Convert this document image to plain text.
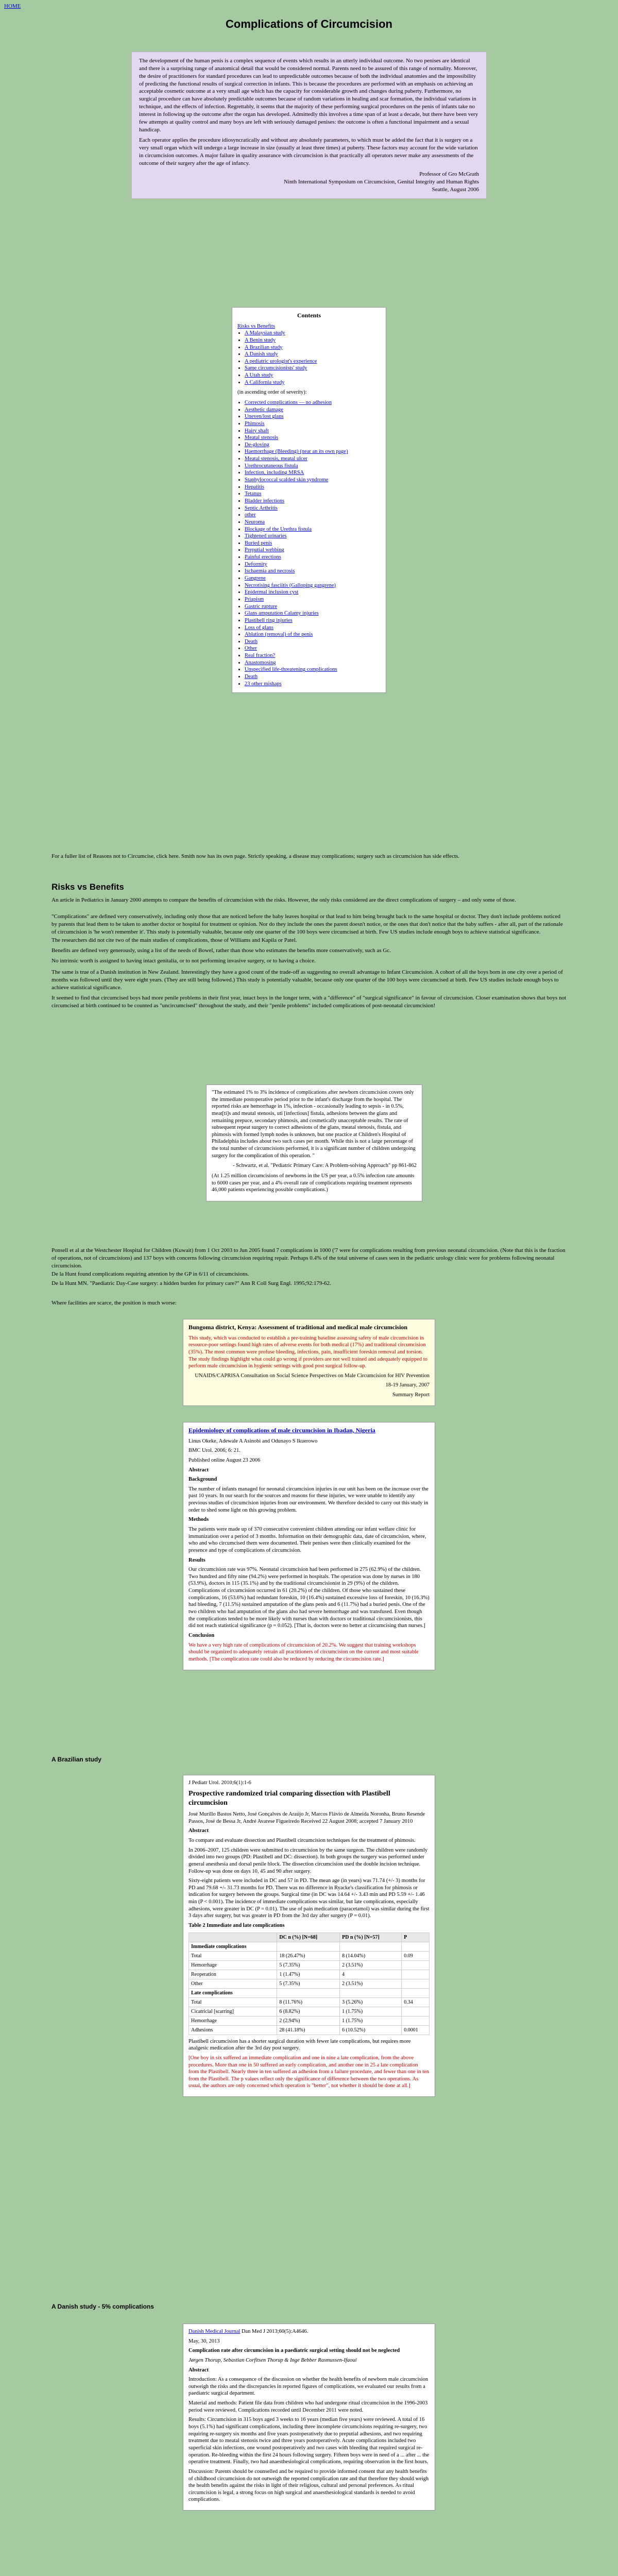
HOME
Complications of Circumcision

The development of the human penis is a complex sequence of events which results in an utterly individual outcome. No two penises are identical and there is a surprising range of anatomical detail that would be considered normal. Parents need to be assured of this range of normality. Moreover, the desire of practitioners for standard procedures can lead to unpredictable outcomes because of both the individual anatomies and the impossibility of predicting the functional results of surgical correction in infants. This is because the procedures are performed with an emphasis on achieving an acceptable cosmetic outcome at a very small age which has the capacity for considerable growth and changes during puberty. Furthermore, no surgical procedure can have absolutely predictable outcomes because of random variations in healing and scar formation, the individual variations in technique, and the effects of infection. Regrettably, it seems that the majority of these performing surgical procedures on the penis of infants take no interest in following up the outcome after the organ has developed. Admittedly this involves a time span of at least a decade, but there have been very few attempts at quality control and many boys are left with seriously damaged penises: the outcome is often a functional impairment and a sexual handicap.

Each operator applies the procedure idiosyncratically and without any absolutely parameters, to which must be added the fact that it is surgery on a very small organ which will undergo a large increase in size (usually at least three times) at puberty. These factors may account for the wide variation in circumcision outcomes. A major failure in quality assurance with circumcision is that practically all operators never make any assessments of the outcome of their surgery after the age of infancy.

Professor of Gro McGrath

Ninth International Symposium on Circumcision, Genital Integrity and Human Rights

Seattle, August 2006

Contents
Risks vs Benefits
• A Malaysian study
• A Benin study
• A Brazilian study
• A Danish study
• A pediatric urologist's experience
• Same circumcisionists' study
• A Utah study
• A California study
(in ascending order of severity):
• Corrected complications — no adhesion
• Aesthetic damage
• Uneven/lost glans
• Phimosis
• Hairy shaft
• Meatal stenosis
• De-gloving
• Haemorrhage (Bleeding) (near an its own page)
• Meatal stenosis, meatal ulcer
• Urethrocutaneous fistula
• Infection, including MRSA
• Staphylococcal scalded skin syndrome
• Hepatitis
• Tetanus
• Bladder infections
• Septic Arthritis
• other
• Neuroma
• Blockage of the Urethra fistula
• Tightened urinaries
• Buried penis
• Preputial webbing
• Painful erections
• Deformity
• Ischaemia and necrosis
• Gangrene
• Necrotising fasciitis (Galloping gangrene)
• Epidermal inclusion cyst
• Priapism
• Gastric rupture
• Glans amputation Calamy injuries
• Plastibell ring injuries
• Loss of glans
• Ablation (removal) of the penis
• Death
• Other
• Real fraction?
• Anastomosing
• Unspecified life-threatening complications
• Death
• 23 other mishaps
For a fuller list of Reasons not to Circumcise, click here. Smith now has its own page. Strictly speaking, a disease may complications; surgery such as circumcision has side effects.
Risks vs Benefits

An article in Pediatrics in January 2000 attempts to compare the benefits of circumcision with the risks. However, the only risks considered are the direct complications of surgery – and only some of those.

"Complications" are defined very conservatively, including only those that are noticed before the baby leaves hospital or that lead to him being brought back to the same hospital or doctor. They don't include problems noticed by parents that lead them to be taken to another doctor or hospital for treatment or opinion. Nor do they include the ones the parent doesn't notice, or the ones that don't notice that the baby suffers - after all, part of the rationale of circumcision is 'he won't remember it'. This study is potentially valuable, because only one quarter of the 100 boys were circumcised at birth. Few US studies include enough boys to achieve statistical significance.

The researchers did not cite two of the main studies of complications, those of Williams and Kapila or Patel.

Benefits are defined very generously, using a list of the needs of Bowel, rather than those who estimates the benefits more conservatively, such as Gc.

No intrinsic worth is assigned to having intact genitalia, or to not performing invasive surgery, or to having a choice.

The same is true of a Danish institution in New Zealand. Interestingly they have a good count of the trade-off as suggesting no overall advantage to Infant Circumcision. A cohort of all the boys born in one city over a period of months was followed until they were eight years. (They are still being followed.) This study is potentially valuable, because only one quarter of the 100 boys were circumcised at birth. Few US studies include enough boys to achieve statistical significance.

It seemed to find that circumcised boys had more penile problems in their first year, intact boys in the longer term, with a "difference" of "surgical significance" in favour of circumcision. Closer examination shows that boys not circumcised at birth continued to be counted as "uncircumcised" throughout the study, and their "penile problems" included complications of post-neonatal circumcision!

"The estimated 1% to 3% incidence of complications after newborn circumcision covers only the immediate postoperative period prior to the infant's discharge from the hospital. The reported risks are hemorrhage in 1%, infection - occasionally leading to sepsis - in 0.5%, meat[ti]s and meatal stenosis, uti [infectious] fistula, adhesions between the glans and remaining prepuce, secondary phimosis, and cosmetically unacceptable results. The rate of subsequent repeat surgery to correct adhesions of the glans, meatal stenosis, fistula, and phimosis with formed lymph nodes is unknown, but one practice at Children's Hospital of Philadelphia includes about two such cases per month. While this is not a large percentage of the total number of circumcisions performed, it is a significant number of children undergoing surgery for the complication of this operation. "

- Schwartz, et al. "Pediatric Primary Care: A Problem-solving Approach" pp 861-862

(At 1.25 million circumcisions of newborns in the US per year, a 0.5% infection rate amounts to 6000 cases per year, and a 4% overall rate of complications requiring treatment represents 46,000 patients experiencing possible complications.)

Ponsell et al at the Westchester Hospital for Children (Kuwait) from 1 Oct 2003 to Jun 2005 found 7 complications in 1000 ('7 were for complications resulting from previous neonatal circumcision. (Note that this is the fraction of operations, not of circumcisions) and 137 boys with concerns following circumcision requiring repair. Perhaps 0.4% of the total universe of cases seen in the pediatric urology clinic were for problems following neonatal circumcision.

De la Hunt found complications requiring attention by the GP in 6/11 of circumcisions.

De la Hunt MN. "Paediatric Day-Case surgery: a hidden burden for primary care?" Ann R Coll Surg Engl. 1995;92:179-62.

Where facilities are scarce, the position is much worse:

Bungoma district, Kenya: Assessment of traditional and medical male circumcision

This study, which was conducted to establish a pre-training baseline assessing safety of male circumcision in resource-poor settings found high rates of adverse events for both medical (17%) and traditional circumcision (35%). The most common were profuse bleeding, infections, pain, insufficient foreskin removal and torsion. The study findings highlight what could go wrong if providers are not well trained and adequately equipped to perform male circumcision in hygienic settings with good post surgical follow-up.

UNAIDS/CAPRISA Consultation on Social Science Perspectives on Male Circumcision for HIV Prevention

18-19 January, 2007

Summary Report

Epidemiology of complications of male circumcision in Ibadan, Nigeria

Linus Okeke, Adewale A Asinobi and Odunayo S Ikuerowo

BMC Urol. 2006; 6: 21.

Published online August 23 2006

Abstract

Background

The number of infants managed for neonatal circumcision injuries in our unit has been on the increase over the past 10 years. In our search for the sources and reasons for these injuries, we were unable to identify any previous studies of circumcision injuries from our environment. We therefore decided to carry out this study in order to shed some light on this growing problem.

Methods

The patients were made up of 370 consecutive convenient children attending our infant welfare clinic for immunization over a period of 3 months. Information on their demographic data, date of circumcision, where, who and who circumcised them were documented. Their penises were then clinically examined for the presence and type of complications of circumcision.

Results

Our circumcision rate was 97%. Neonatal circumcision had been performed in 275 (62.9%) of the children. Two hundred and fifty nine (94.2%) were performed in hospitals. The operation was done by nurses in 180 (53.9%), doctors in 115 (35.1%) and by the traditional circumcisionist in 29 (9%) of the children. Complications of circumcision occurred in 61 (20.2%) of the children. Of those who sustained these complications, 16 (53.6%) had redundant foreskin, 10 (16.4%) sustained excessive loss of foreskin, 10 (16.3%) had bleeding, 7 (11.5%) sustained amputation of the glans penis and 6 (11.7%) had a buried penis. One of the two children who had amputation of the glans also had severe hemorrhage and was transfused. Even though the complications tended to be more likely with nurses than with doctors or traditional circumcisionists, this did not reach statistical significance (p = 0.052). [That is, doctors were no better at circumcising than nurses.]

Conclusion

We have a very high rate of complications of circumcision of 20.2%. We suggest that training workshops should be organized to adequately retrain all practitioners of circumcision on the current and most suitable methods. [The complication rate could also be reduced by reducing the circumcision rate.]

A Brazilian study

J Pediatr Urol. 2010;6(1):1-6

Prospective randomized trial comparing dissection with Plastibell circumcision

José Murillo Bastos Netto, José Gonçalves de Araújo Jr, Marcos Flávio de Almeida Noronha, Bruno Resende Passos, José de Bessa Jr, André Avarese Figueiredo Received 22 August 2008; accepted 7 January 2010

Abstract

To compare and evaluate dissection and Plastibell circumcision techniques for the treatment of phimosis.

In 2006–2007, 125 children were submitted to circumcision by the same surgeon. The children were randomly divided into two groups (PD: Plastibell and DC: dissection). In both groups the surgery was performed under general anesthesia and dorsal penile block. The dissection circumcision used the double incision technique. Follow-up was done on days 10, 45 and 90 after surgery.

Sixty-eight patients were included in DC and 57 in PD. The mean age (in years) was 71.74 (+/- 3) months for PD and 79.68 +/- 31.73 months for PD. There was no difference in Ryacke's classification for phimosis or indication for surgery between the groups. Surgical time (in DC was 14.64 +/- 3.43 min and PD 5.59 +/- 1.46 min (P < 0.001). The incidence of immediate complications was similar, but late complications, especially adhesions, were greater in DC (P = 0.01). The use of pain medication (paracetamol) was similar during the first 3 days after surgery, but was greater in PD from the 3rd day after surgery (P = 0.01).

Table 2 Immediate and late complications

	DC n (%) [N=68]	PD n (%) [N=57]	P
Immediate complications			
Total	18 (26.47%)	8 (14.04%)	0.09
Hemorrhage	5 (7.35%)	2 (3.51%)	
Reoperation	1 (1.47%)	4	
Other	5 (7.35%)	2 (3.51%)	
Late complications			
Total	8 (11.76%)	3 (5.26%)	0.34
Cicatricial [scarring]	6 (8.82%)	1 (1.75%)	
Hemorrhage	2 (2.94%)	1 (1.75%)	
Adhesions	28 (41.18%)	6 (10.52%)	0.0001

Plastibell circumcision has a shorter surgical duration with fewer late complications, but requires more analgesic medication after the 3rd day post surgery.

[One boy in six suffered an immediate complication and one in nine a late complication, from the above procedures. More than one in 50 suffered an early complication, and another one in 25 a late complication from the Plastibell. Nearly three in ten suffered an adhesion from a failure procedure, and fewer than one in ten from the Plastibell. The p values reflect only the significance of difference between the two operations. As usual, the authors are only concerned which operation is "better", not whether it should be done at all.]

A Danish study - 5% complications

Danish Medical Journal Dan Med J 2013;60(5):A4646.

May, 30, 2013

Complication rate after circumcision in a paediatric surgical setting should not be neglected

Jørgen Thorup, Sebastian Corfitsen Thorup & Inge Bebber Rasmussen-Ifaoui

Abstract

Introduction: As a consequence of the discussion on whether the health benefits of newborn male circumcision outweigh the risks and the discrepancies in reported figures of complications, we evaluated our results from a paediatric surgical department.

Material and methods: Patient file data from children who had undergone ritual circumcision in the 1996-2003 period were reviewed. Complications recorded until December 2011 were noted.

Results: Circumcision in 315 boys aged 3 weeks to 16 years (median five years) were reviewed. A total of 16 boys (5.1%) had significant complications, including three incomplete circumcisions requiring re-surgery, two requiring re-surgery six months and five years postoperatively due to preputial adhesions, and two requiring treatment due to meatal stenosis twice and three years postoperatively. Acute complications included two superficial skin infections, one wound postoperatively and two cases with bleeding that required surgical re-operation. Re-bleeding within the first 24 hours following surgery. Fifteen boys were in need of a ... after ... the operative treatment. Finally, two had anaesthesiological complications, requiring observation in the first hours.

Discussion: Parents should be counselled and be required to provide informed consent that any health benefits of childhood circumcision do not outweigh the reported complication rate and that therefore they should weigh the health benefits against the risks in light of their religious, cultural and personal preferences. As ritual circumcision is legal, a strong focus on high surgical and anaesthesiological standards is needed to avoid complications.
